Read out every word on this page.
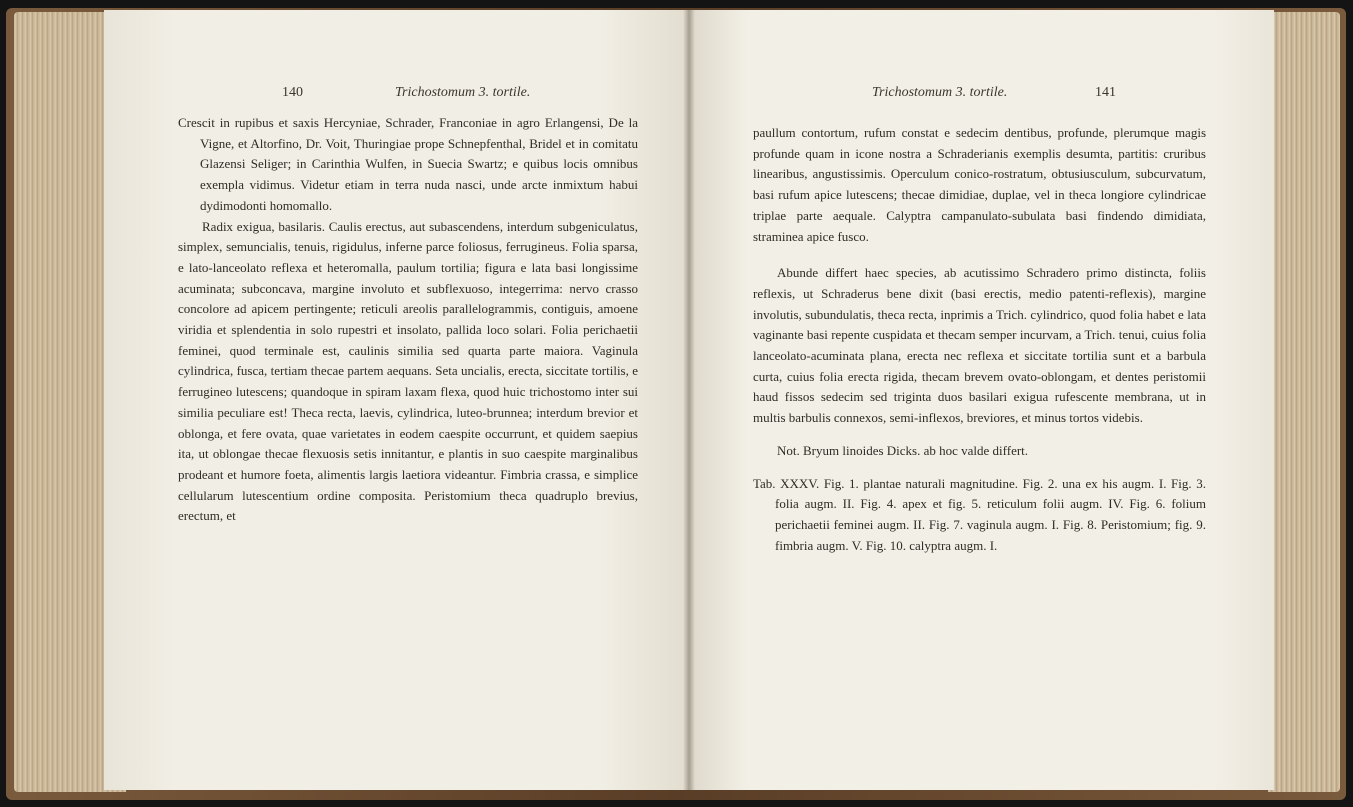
140	Trichostomum 3. tortile.	Trichostomum 3. tortile.	141

Crescit in rupibus et saxis Hercyniae, Schrader, Franconiae in agro Erlangensi, De la Vigne, et Altorfino, Dr. Voit, Thuringiae prope Schnepfenthal, Bridel et in comitatu Glazensi Seliger; in Carinthia Wulfen, in Suecia Swartz; e quibus locis omnibus exempla vidimus. Videtur etiam in terra nuda nasci, unde arcte inmixtum habui dydimodonti homomallo.

Radix exigua, basilaris. Caulis erectus, aut subascendens, interdum subgeniculatus, simplex, semuncialis, tenuis, rigidulus, inferne parce foliosus, ferrugineus. Folia sparsa, e lato-lanceolato reflexa et heteromalla, paulum tortilia; figura e lata basi longissime acuminata; subconcava, margine involuto et subflexuoso, integerrima: nervo crasso concolore ad apicem pertingente; reticuli areolis parallelogrammis, contiguis, amoene viridia et splendentia in solo rupestri et insolato, pallida loco solari. Folia perichaetii feminei, quod terminale est, caulinis similia sed quarta parte maiora. Vaginula cylindrica, fusca, tertiam thecae partem aequans. Seta uncialis, erecta, siccitate tortilis, e ferrugineo lutescens; quandoque in spiram laxam flexa, quod huic trichostomo inter sui similia peculiare est! Theca recta, laevis, cylindrica, luteo-brunnea; interdum brevior et oblonga, et fere ovata, quae varietates in eodem caespite occurrunt, et quidem saepius ita, ut oblongae thecae flexuosis setis innitantur, e plantis in suo caespite marginalibus prodeant et humore foeta, alimentis largis laetiora videantur. Fimbria crassa, e simplice cellularum lutescentium ordine composita. Peristomium theca quadruplo brevius, erectum, et

paullum contortum, rufum constat e sedecim dentibus, profunde, plerumque magis profunde quam in icone nostra a Schraderianis exemplis desumta, partitis: cruribus linearibus, angustissimis. Operculum conico-rostratum, obtusiusculum, subcurvatum, basi rufum apice lutescens; thecae dimidiae, duplae, vel in theca longiore cylindricae triplae parte aequale. Calyptra campanulato-subulata basi findendo dimidiata, straminea apice fusco.

Abunde differt haec species, ab acutissimo Schradero primo distincta, foliis reflexis, ut Schraderus bene dixit (basi erectis, medio patenti-reflexis), margine involutis, subundulatis, theca recta, inprimis a Trich. cylindrico, quod folia habet e lata vaginante basi repente cuspidata et thecam semper incurvam, a Trich. tenui, cuius folia lanceolato-acuminata plana, erecta nec reflexa et siccitate tortilia sunt et a barbula curta, cuius folia erecta rigida, thecam brevem ovato-oblongam, et dentes peristomii haud fissos sedecim sed triginta duos basilari exigua rufescente membrana, ut in multis barbulis connexos, semi-inflexos, breviores, et minus tortos videbis.

Not. Bryum linoides Dicks. ab hoc valde differt.

Tab. XXXV. Fig. 1. plantae naturali magnitudine. Fig. 2. una ex his augm. I. Fig. 3. folia augm. II. Fig. 4. apex et fig. 5. reticulum folii augm. IV. Fig. 6. folium perichaetii feminei augm. II. Fig. 7. vaginula augm. I. Fig. 8. Peristomium; fig. 9. fimbria augm. V. Fig. 10. calyptra augm. I.
